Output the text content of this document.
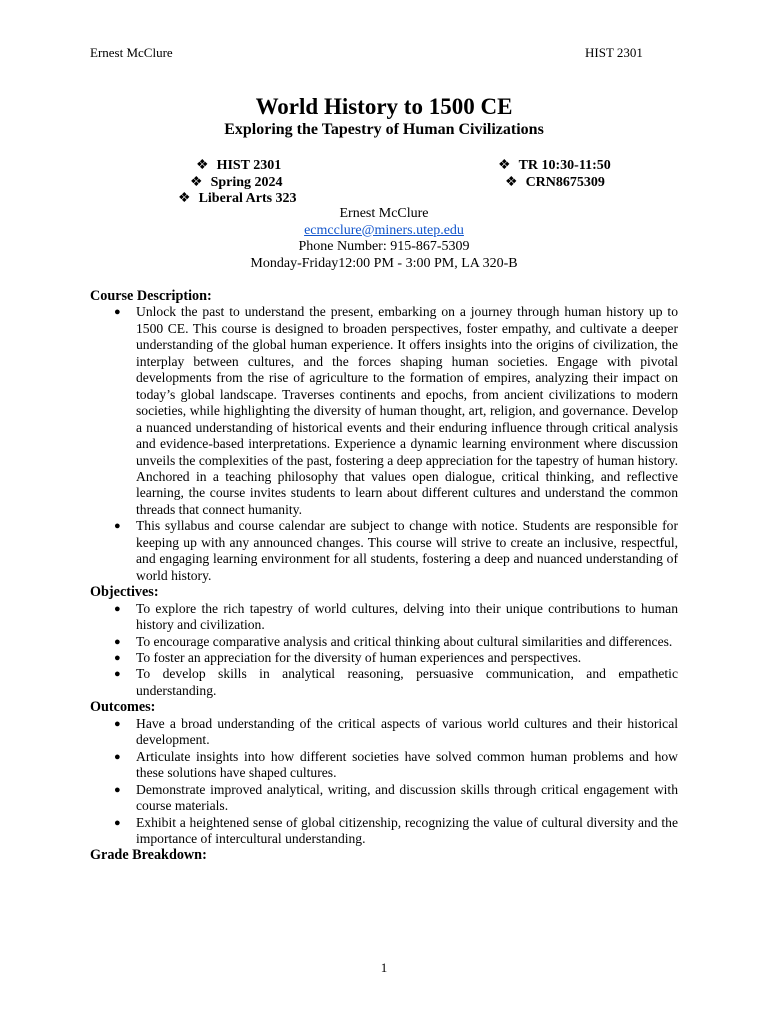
Ernest McClure	HIST 2301
World History to 1500 CE
Exploring the Tapestry of Human Civilizations
❖ HIST 2301
❖ Spring 2024
❖ Liberal Arts 323
❖ TR 10:30-11:50
❖ CRN8675309
Ernest McClure
ecmcclure@miners.utep.edu
Phone Number: 915-867-5309
Monday-Friday12:00 PM - 3:00 PM, LA 320-B
Course Description:
● Unlock the past to understand the present, embarking on a journey through human history up to 1500 CE. This course is designed to broaden perspectives, foster empathy, and cultivate a deeper understanding of the global human experience. It offers insights into the origins of civilization, the interplay between cultures, and the forces shaping human societies. Engage with pivotal developments from the rise of agriculture to the formation of empires, analyzing their impact on today’s global landscape. Traverses continents and epochs, from ancient civilizations to modern societies, while highlighting the diversity of human thought, art, religion, and governance. Develop a nuanced understanding of historical events and their enduring influence through critical analysis and evidence-based interpretations. Experience a dynamic learning environment where discussion unveils the complexities of the past, fostering a deep appreciation for the tapestry of human history. Anchored in a teaching philosophy that values open dialogue, critical thinking, and reflective learning, the course invites students to learn about different cultures and understand the common threads that connect humanity.
● This syllabus and course calendar are subject to change with notice. Students are responsible for keeping up with any announced changes. This course will strive to create an inclusive, respectful, and engaging learning environment for all students, fostering a deep and nuanced understanding of world history.
Objectives:
● To explore the rich tapestry of world cultures, delving into their unique contributions to human history and civilization.
● To encourage comparative analysis and critical thinking about cultural similarities and differences.
● To foster an appreciation for the diversity of human experiences and perspectives.
● To develop skills in analytical reasoning, persuasive communication, and empathetic understanding.
Outcomes:
● Have a broad understanding of the critical aspects of various world cultures and their historical development.
● Articulate insights into how different societies have solved common human problems and how these solutions have shaped cultures.
● Demonstrate improved analytical, writing, and discussion skills through critical engagement with course materials.
● Exhibit a heightened sense of global citizenship, recognizing the value of cultural diversity and the importance of intercultural understanding.
Grade Breakdown:
1
